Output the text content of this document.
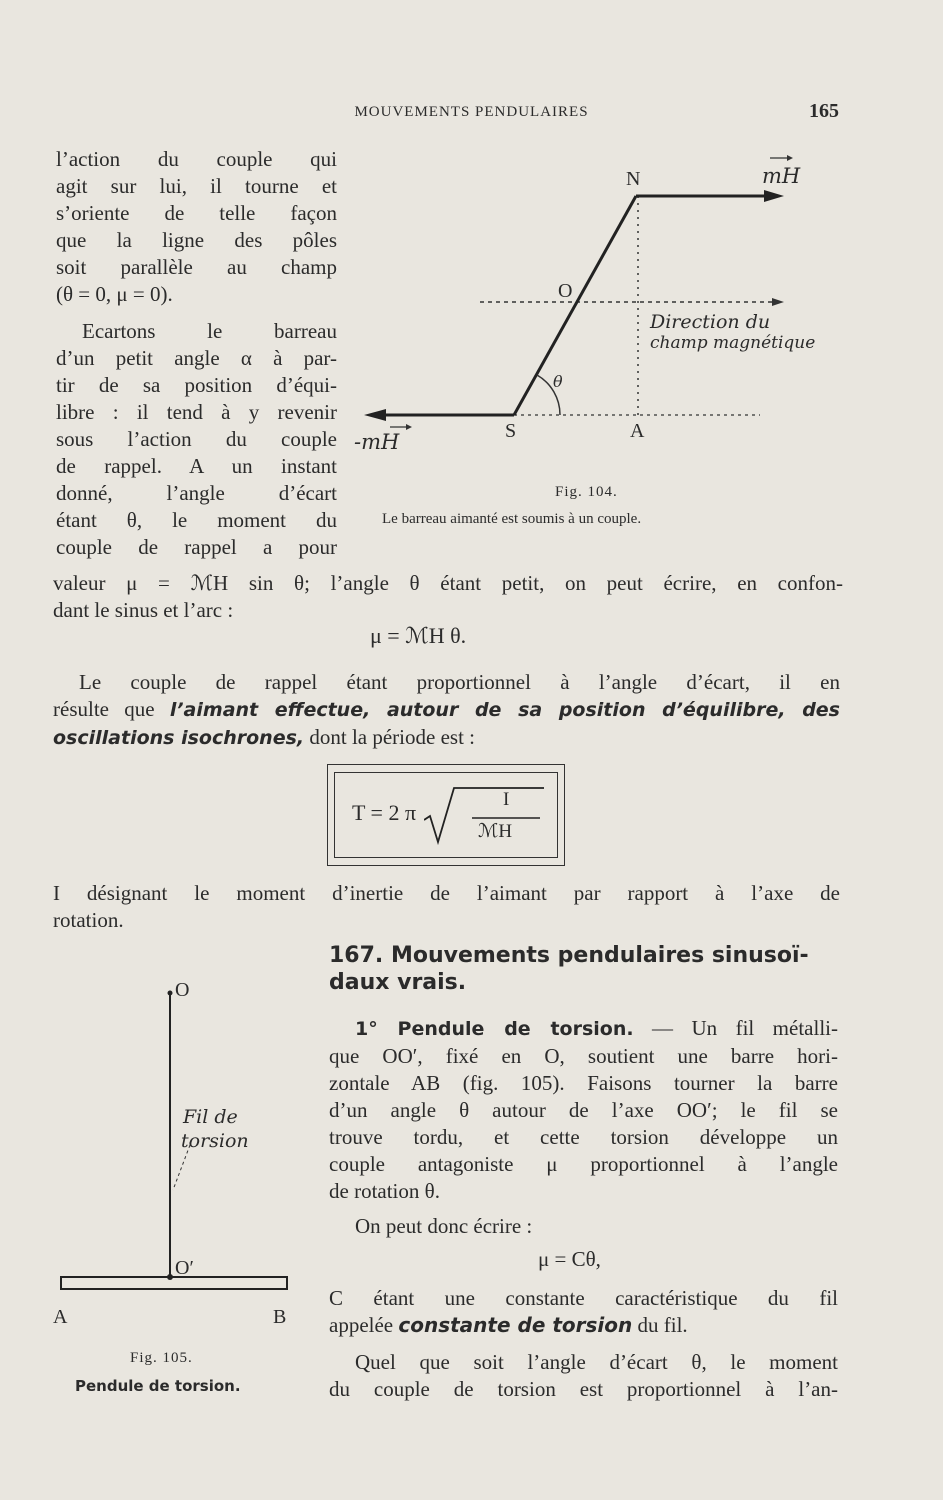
MOUVEMENTS PENDULAIRES	165
l’action du couple qui
agit sur lui, il tourne et
s’oriente de telle façon
que la ligne des pôles
soit parallèle au champ
(θ = 0, μ = 0).
Ecartons le barreau
d’un petit angle α à par-
tir de sa position d’équi-
libre : il tend à y revenir
sous l’action du couple
de rappel. A un instant
donné, l’angle d’écart
étant θ, le moment du
couple de rappel a pour
N
O
S	A
θ
mH
-mH
Direction du
champ magnétique
Fig. 104.
Le barreau aimanté est soumis à un couple.
valeur μ = ℳH sin θ; l’angle θ étant petit, on peut écrire, en confon-
dant le sinus et l’arc :
μ = ℳH θ.
Le couple de rappel étant proportionnel à l’angle d’écart, il en
résulte que l’aimant effectue, autour de sa position d’équilibre, des
oscillations isochrones, dont la période est :
T = 2 π
I
ℳH
I désignant le moment d’inertie de l’aimant par rapport à l’axe de
rotation.
167. Mouvements pendulaires sinusoï-
daux vrais.
1° Pendule de torsion. — Un fil métalli-
que OO′, fixé en O, soutient une barre hori-
zontale AB (fig. 105). Faisons tourner la barre
d’un angle θ autour de l’axe OO′; le fil se
trouve tordu, et cette torsion développe un
couple antagoniste μ proportionnel à l’angle
de rotation θ.
On peut donc écrire :
μ = Cθ,
C étant une constante caractéristique du fil
appelée constante de torsion du fil.
Quel que soit l’angle d’écart θ, le moment
du couple de torsion est proportionnel à l’an-
O
O′
A	B
Fil de
torsion
Fig. 105.
Pendule de torsion.
